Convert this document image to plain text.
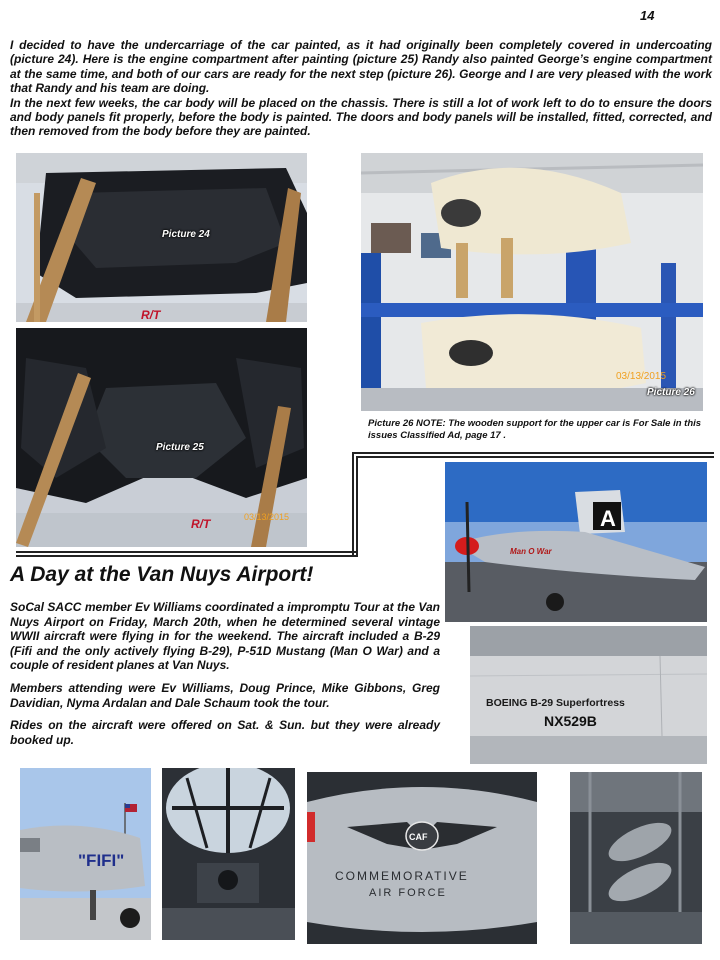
14

I decided to have the undercarriage of the car painted, as it had originally been completely covered in undercoating (picture 24). Here is the engine compartment after painting (picture 25) Randy also painted George’s engine compartment at the same time, and both of our cars are ready for the next step (picture 26). George and I are very pleased with the work that Randy and his team are doing.

In the next few weeks, the car body will be placed on the chassis. There is still a lot of work left to do to ensure the doors and body panels fit properly, before the body is painted. The doors and body panels will be installed, fitted, corrected, and then removed from the body before they are painted.

R/T
Picture 24
R/T	03/13/2015
Picture 25
03/13/2015
Picture 26
Picture 26 NOTE: The wooden support for the upper car is For Sale in this issues Classified Ad, page 17 .
A
Man O War
BOEING B-29 Superfortress
NX529B
A Day at the Van Nuys Airport!

SoCal SACC member Ev Williams coordinated a impromptu Tour at the Van Nuys Airport on Friday, March 20th, when he determined several vintage WWII aircraft were flying in for the weekend. The aircraft included a B-29 (Fifi and the only actively flying B-29), P-51D Mustang (Man O War) and a couple of resident planes at Van Nuys.

Members attending were Ev Williams, Doug Prince, Mike Gibbons, Greg Davidian, Nyma Ardalan and Dale Schaum took the tour.

Rides on the aircraft were offered on Sat. & Sun. but they were already booked up.

"FIFI"
CAF
COMMEMORATIVE
AIR FORCE
